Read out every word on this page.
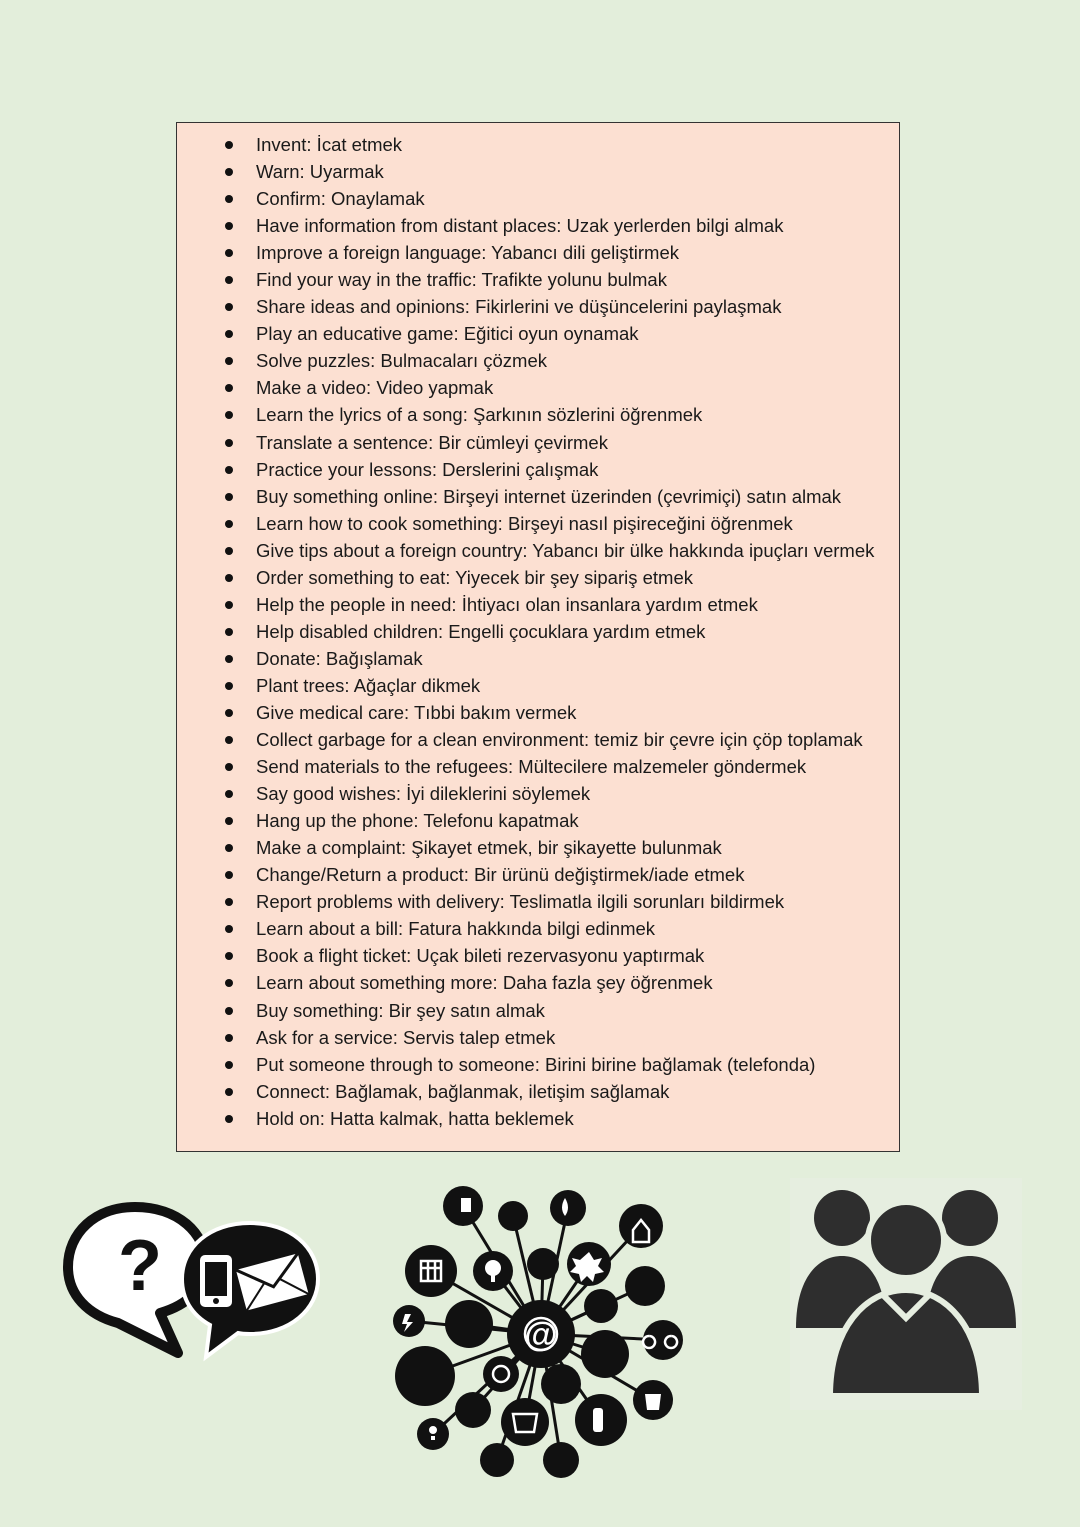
Invent: İcat etmek
Warn: Uyarmak
Confirm: Onaylamak
Have information from distant places: Uzak yerlerden bilgi almak
Improve a foreign language: Yabancı dili geliştirmek
Find your way in the traffic: Trafikte yolunu bulmak
Share ideas and opinions: Fikirlerini ve düşüncelerini paylaşmak
Play an educative game: Eğitici oyun oynamak
Solve puzzles: Bulmacaları çözmek
Make a video: Video yapmak
Learn the lyrics of a song: Şarkının sözlerini öğrenmek
Translate a sentence: Bir cümleyi çevirmek
Practice your lessons: Derslerini çalışmak
Buy something online: Birşeyi internet üzerinden (çevrimiçi) satın almak
Learn how to cook something: Birşeyi nasıl pişireceğini öğrenmek
Give tips about a foreign country: Yabancı bir ülke hakkında ipuçları vermek
Order something to eat: Yiyecek bir şey sipariş etmek
Help the people in need: İhtiyacı olan insanlara yardım etmek
Help disabled children: Engelli çocuklara yardım etmek
Donate: Bağışlamak
Plant trees: Ağaçlar dikmek
Give medical care: Tıbbi bakım vermek
Collect garbage for a clean environment: temiz bir çevre için çöp toplamak
Send materials to the refugees: Mültecilere malzemeler göndermek
Say good wishes: İyi dileklerini söylemek
Hang up the phone: Telefonu kapatmak
Make a complaint: Şikayet etmek, bir şikayette bulunmak
Change/Return a product: Bir ürünü değiştirmek/iade etmek
Report problems with delivery: Teslimatla ilgili sorunları bildirmek
Learn about a bill: Fatura hakkında bilgi edinmek
Book a flight ticket: Uçak bileti rezervasyonu yaptırmak
Learn about something more: Daha fazla şey öğrenmek
Buy something: Bir şey satın almak
Ask for a service: Servis talep etmek
Put someone through to someone: Birini birine bağlamak (telefonda)
Connect: Bağlamak, bağlanmak, iletişim sağlamak
Hold on: Hatta kalmak, hatta beklemek
?
@
